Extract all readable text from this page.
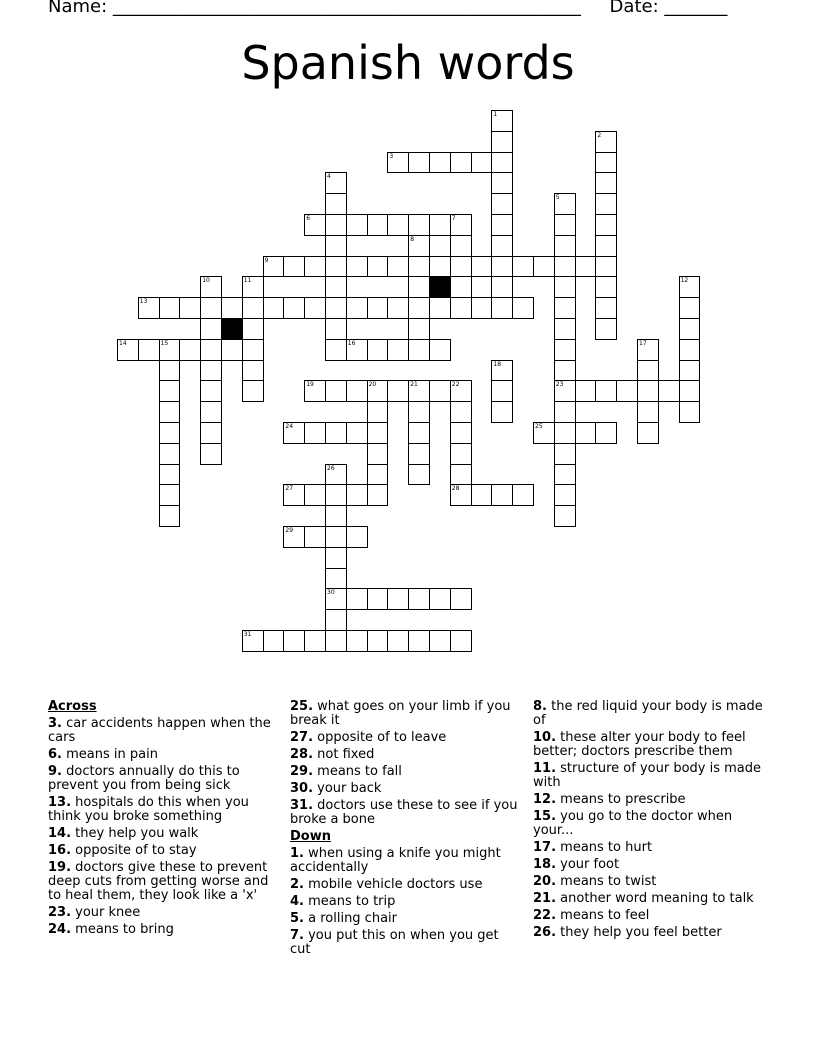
Name: ____________________________________________________ Date: _______
Spanish words
1
2
3
4
5
23
6	7
8
9
10	11	12
13
14	15	16	17
18
19	20	21	22
28
24	25
26
30
27
29
31
Across
3. car accidents happen when the cars
6. means in pain
9. doctors annually do this to prevent you from being sick
13. hospitals do this when you think you broke something
14. they help you walk
16. opposite of to stay
19. doctors give these to prevent deep cuts from getting worse and to heal them, they look like a 'x'
23. your knee
24. means to bring
25. what goes on your limb if you break it
27. opposite of to leave
28. not fixed
29. means to fall
30. your back
31. doctors use these to see if you broke a bone
Down
1. when using a knife you might accidentally
2. mobile vehicle doctors use
4. means to trip
5. a rolling chair
7. you put this on when you get cut
8. the red liquid your body is made of
10. these alter your body to feel better; doctors prescribe them
11. structure of your body is made with
12. means to prescribe
15. you go to the doctor when your...
17. means to hurt
18. your foot
20. means to twist
21. another word meaning to talk
22. means to feel
26. they help you feel better
